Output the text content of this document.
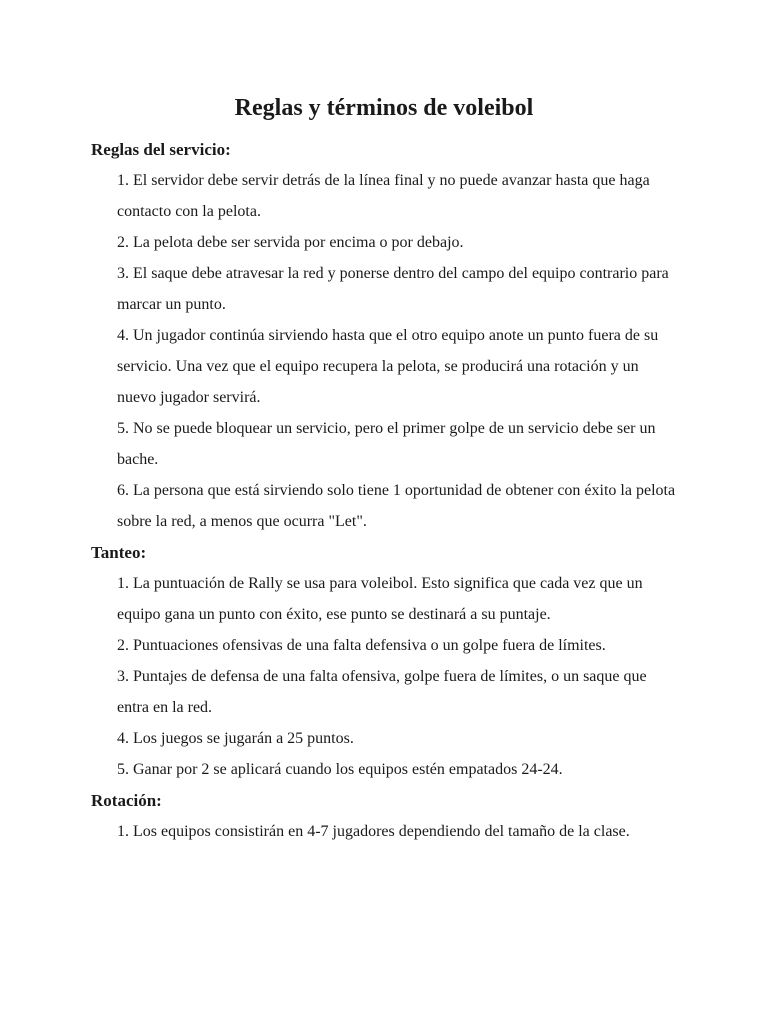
Reglas y términos de voleibol

Reglas del servicio:

1. El servidor debe servir detrás de la línea final y no puede avanzar hasta que haga contacto con la pelota.

2. La pelota debe ser servida por encima o por debajo.

3. El saque debe atravesar la red y ponerse dentro del campo del equipo contrario para marcar un punto.

4. Un jugador continúa sirviendo hasta que el otro equipo anote un punto fuera de su servicio. Una vez que el equipo recupera la pelota, se producirá una rotación y un nuevo jugador servirá.

5. No se puede bloquear un servicio, pero el primer golpe de un servicio debe ser un bache.

6. La persona que está sirviendo solo tiene 1 oportunidad de obtener con éxito la pelota sobre la red, a menos que ocurra "Let".

Tanteo:

1. La puntuación de Rally se usa para voleibol. Esto significa que cada vez que un equipo gana un punto con éxito, ese punto se destinará a su puntaje.

2. Puntuaciones ofensivas de una falta defensiva o un golpe fuera de límites.

3. Puntajes de defensa de una falta ofensiva, golpe fuera de límites, o un saque que entra en la red.

4. Los juegos se jugarán a 25 puntos.

5. Ganar por 2 se aplicará cuando los equipos estén empatados 24-24.

Rotación:

1. Los equipos consistirán en 4-7 jugadores dependiendo del tamaño de la clase.
